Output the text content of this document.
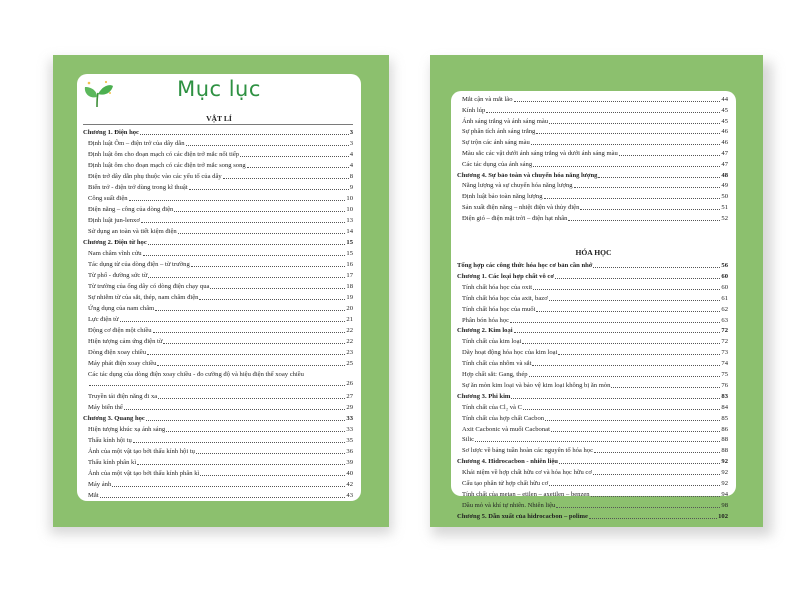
Mục lục
VẬT LÍ
Chương 1. Điện học	3
Định luật Ôm – điện trở của dây dẫn	3
Định luật ôm cho đoạn mạch có các điện trở mắc nối tiếp	4
Định luật ôm cho đoạn mạch có các điện trở mắc song song	4
Điện trở dây dẫn phụ thuộc vào các yếu tố của dây	8
Biến trở - điện trở dùng trong kĩ thuật	9
Công suất điện	10
Điện năng – công của dòng điện	10
Định luật jun-lenxơ	13
Sử dụng an toàn và tiết kiệm điện	14
Chương 2. Điện từ học	15
Nam châm vĩnh cửu	15
Tác dụng từ của dòng điện – từ trường	16
Từ phổ - đường sức từ	17
Từ trường của ống dây có dòng điện chạy qua	18
Sự nhiễm từ của sắt, thép, nam châm điện	19
Ứng dụng của nam châm	20
Lực điện từ	21
Động cơ điện một chiều	22
Hiện tượng cảm ứng điện từ	22
Dòng điện xoay chiều	23
Máy phát điện xoay chiều	25
Các tác dụng của dòng điện xoay chiều - đo cường độ và hiệu điện thế xoay chiều
26
Truyền tải điện năng đi xa	27
Máy biến thế	29
Chương 3. Quang học	33
Hiện tượng khúc xạ ánh sáng	33
Thấu kính hội tụ	35
Ảnh của một vật tạo bởi thấu kính hội tụ	36
Thấu kính phân kì	39
Ảnh của một vật tạo bởi thấu kính phân kì	40
Máy ảnh	42
Mắt	43
Mắt cận và mắt lão	44
Kính lúp	45
Ánh sáng trắng và ánh sáng màu	45
Sự phân tích ánh sáng trắng	46
Sự trộn các ánh sáng màu	46
Màu sắc các vật dưới ánh sáng trắng và dưới ánh sáng màu	47
Các tác dụng của ánh sáng	47
Chương 4. Sự bảo toàn và chuyển hóa năng lượng	48
Năng lượng và sự chuyển hóa năng lượng	49
Định luật bảo toàn năng lượng	50
Sản xuất điện năng – nhiệt điện và thủy điện	51
Điện gió – điện mặt trời – điện hạt nhân	52
HÓA HỌC
Tổng hợp các công thức hóa học cơ bản cần nhớ	56
Chương 1. Các loại hợp chất vô cơ	60
Tính chất hóa học của oxit	60
Tính chất hóa học của axit, bazơ	61
Tính chất hóa học của muối	62
Phân bón hóa học	63
Chương 2. Kim loại	72
Tính chất của kim loại	72
Dãy hoạt động hóa học của kim loại	73
Tính chất của nhôm và sắt	74
Hợp chất sắt: Gang, thép	75
Sự ăn mòn kim loại và bảo vệ kim loại không bị ăn mòn	76
Chương 3. Phi kim	83
Tính chất của Cl₂ và C	84
Tính chất của hợp chất Cacbon	85
Axit Cacbonic và muối Cacbonat	86
Silic	88
Sơ lược về bảng tuần hoàn các nguyên tố hóa học	88
Chương 4. Hidrocacbon - nhiên liệu	92
Khái niệm về hợp chất hữu cơ và hóa học hữu cơ	92
Cấu tạo phân tử hợp chất hữu cơ	92
Tính chất của metan – etilen – axetilen – benzen	94
Dầu mỏ và khí tự nhiên. Nhiên liệu	98
Chương 5. Dẫn xuất của hidrocacbon – polime	102
